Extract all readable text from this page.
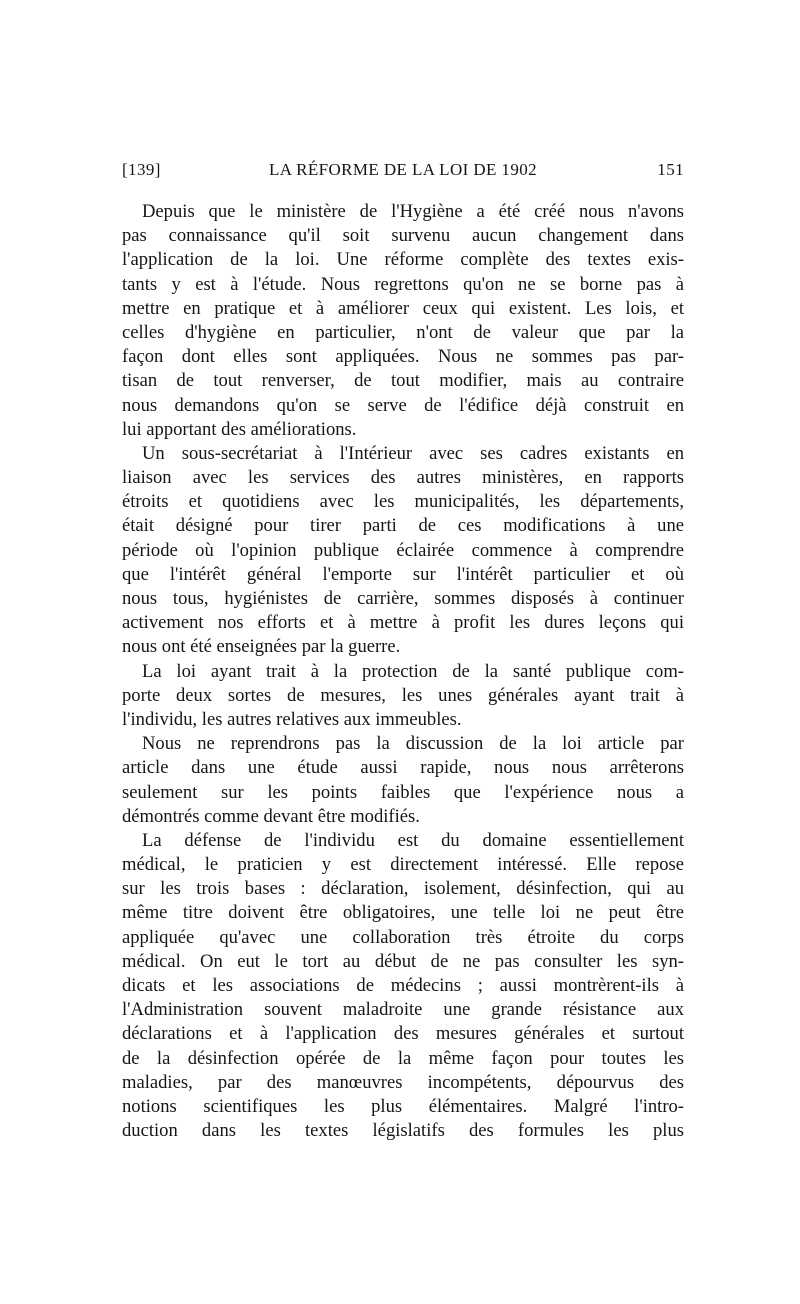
[139]	LA RÉFORME DE LA LOI DE 1902	151
Depuis que le ministère de l'Hygiène a été créé nous n'avons
pas connaissance qu'il soit survenu aucun changement dans
l'application de la loi. Une réforme complète des textes exis-
tants y est à l'étude. Nous regrettons qu'on ne se borne pas à
mettre en pratique et à améliorer ceux qui existent. Les lois, et
celles d'hygiène en particulier, n'ont de valeur que par la
façon dont elles sont appliquées. Nous ne sommes pas par-
tisan de tout renverser, de tout modifier, mais au contraire
nous demandons qu'on se serve de l'édifice déjà construit en
lui apportant des améliorations.
Un sous-secrétariat à l'Intérieur avec ses cadres existants en
liaison avec les services des autres ministères, en rapports
étroits et quotidiens avec les municipalités, les départements,
était désigné pour tirer parti de ces modifications à une
période où l'opinion publique éclairée commence à comprendre
que l'intérêt général l'emporte sur l'intérêt particulier et où
nous tous, hygiénistes de carrière, sommes disposés à continuer
activement nos efforts et à mettre à profit les dures leçons qui
nous ont été enseignées par la guerre.
La loi ayant trait à la protection de la santé publique com-
porte deux sortes de mesures, les unes générales ayant trait à
l'individu, les autres relatives aux immeubles.
Nous ne reprendrons pas la discussion de la loi article par
article dans une étude aussi rapide, nous nous arrêterons
seulement sur les points faibles que l'expérience nous a
démontrés comme devant être modifiés.
La défense de l'individu est du domaine essentiellement
médical, le praticien y est directement intéressé. Elle repose
sur les trois bases : déclaration, isolement, désinfection, qui au
même titre doivent être obligatoires, une telle loi ne peut être
appliquée qu'avec une collaboration très étroite du corps
médical. On eut le tort au début de ne pas consulter les syn-
dicats et les associations de médecins ; aussi montrèrent-ils à
l'Administration souvent maladroite une grande résistance aux
déclarations et à l'application des mesures générales et surtout
de la désinfection opérée de la même façon pour toutes les
maladies, par des manœuvres incompétents, dépourvus des
notions scientifiques les plus élémentaires. Malgré l'intro-
duction dans les textes législatifs des formules les plus
